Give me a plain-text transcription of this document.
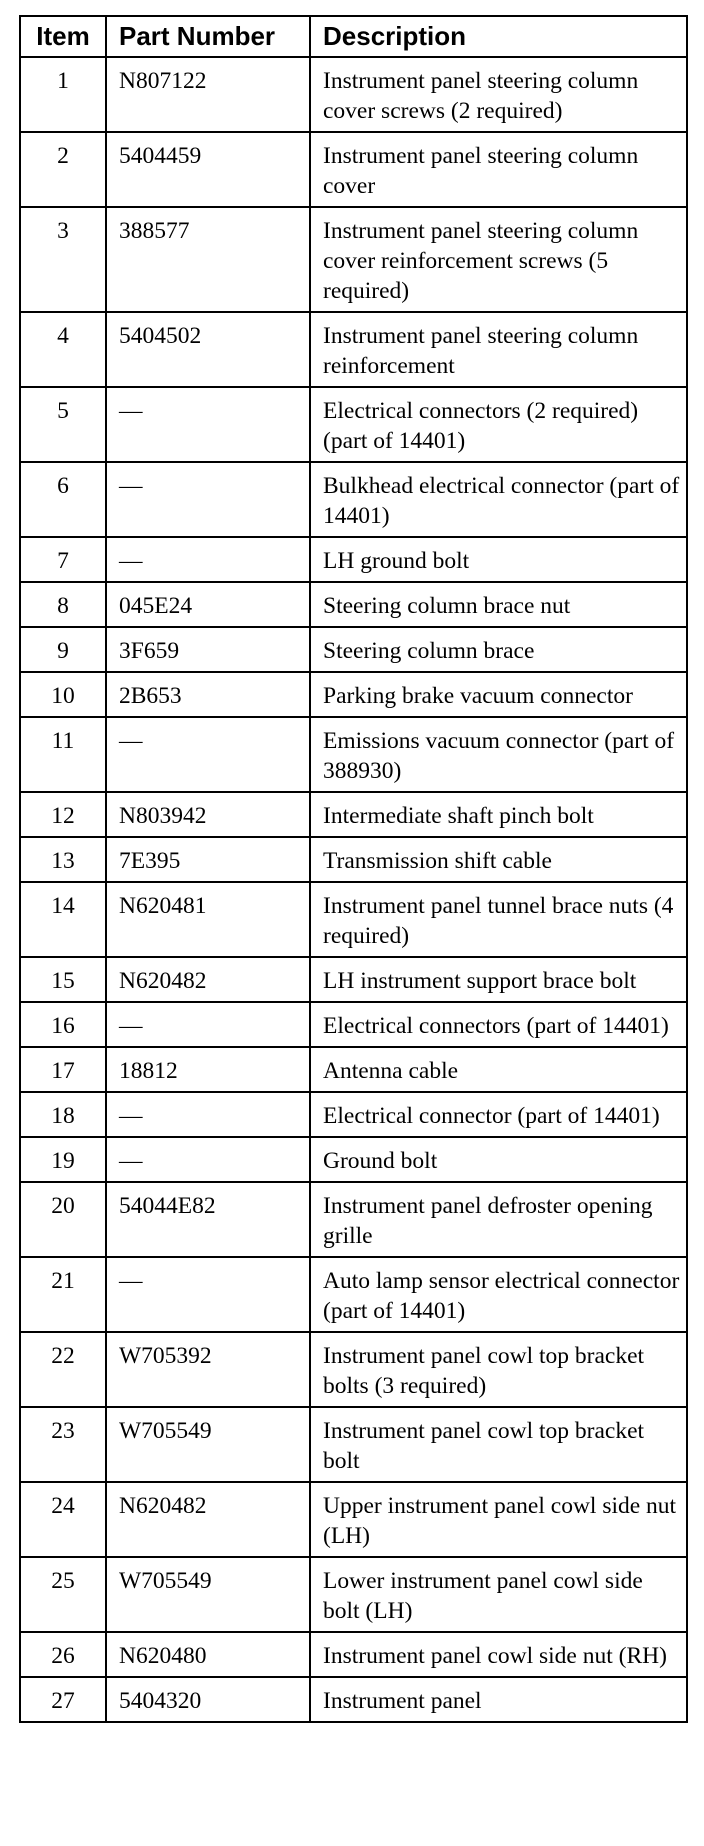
Item	Part Number	Description
1	N807122	Instrument panel steering column cover screws (2 required)
2	5404459	Instrument panel steering column cover
3	388577	Instrument panel steering column cover reinforcement screws (5 required)
4	5404502	Instrument panel steering column reinforcement
5	—	Electrical connectors (2 required) (part of 14401)
6	—	Bulkhead electrical connector (part of 14401)
7	—	LH ground bolt
8	045E24	Steering column brace nut
9	3F659	Steering column brace
10	2B653	Parking brake vacuum connector
11	—	Emissions vacuum connector (part of 388930)
12	N803942	Intermediate shaft pinch bolt
13	7E395	Transmission shift cable
14	N620481	Instrument panel tunnel brace nuts (4 required)
15	N620482	LH instrument support brace bolt
16	—	Electrical connectors (part of 14401)
17	18812	Antenna cable
18	—	Electrical connector (part of 14401)
19	—	Ground bolt
20	54044E82	Instrument panel defroster opening grille
21	—	Auto lamp sensor electrical connector (part of 14401)
22	W705392	Instrument panel cowl top bracket bolts (3 required)
23	W705549	Instrument panel cowl top bracket bolt
24	N620482	Upper instrument panel cowl side nut (LH)
25	W705549	Lower instrument panel cowl side bolt (LH)
26	N620480	Instrument panel cowl side nut (RH)
27	5404320	Instrument panel
